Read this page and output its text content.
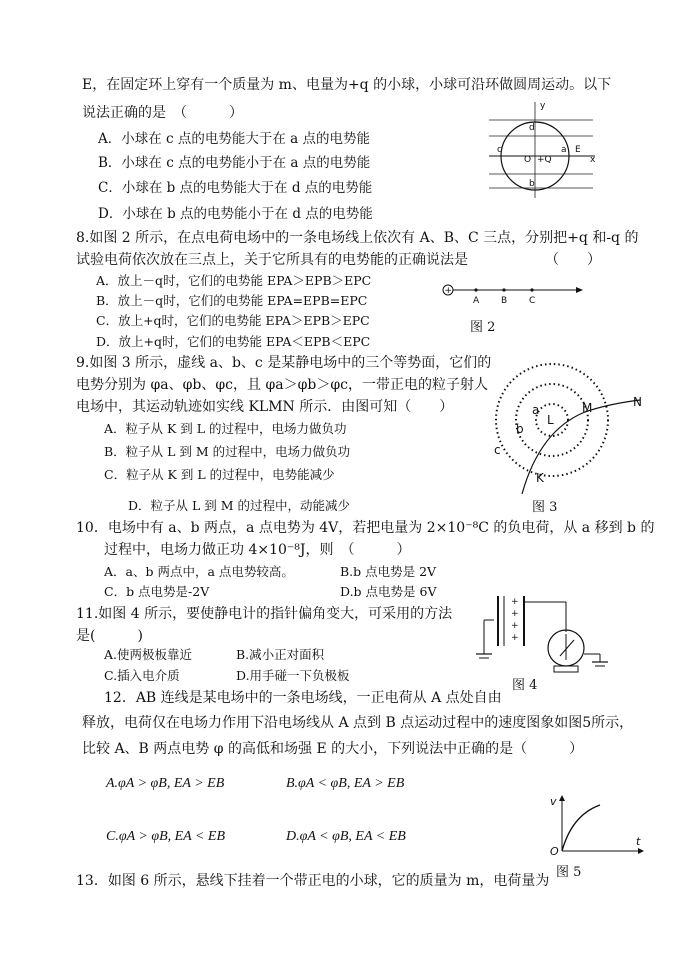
E，在固定环上穿有一个质量为 m、电量为+q 的小球，小球可沿环做圆周运动。以下
说法正确的是　（　　　）
A．小球在 c 点的电势能大于在 a 点的电势能
B．小球在 c 点的电势能小于在 a 点的电势能
C．小球在 b 点的电势能大于在 d 点的电势能
D．小球在 b 点的电势能小于在 d 点的电势能
y
x
d
b
c	a
O +Q
E
8.如图 2 所示，在点电荷电场中的一条电场线上依次有 A、B、C 三点，分别把+q 和-q 的
试验电荷依次放在三点上，关于它所具有的电势能的正确说法是　　　　　　（　　）
A．放上－q时，它们的电势能 EPA＞EPB＞EPC
B．放上－q时，它们的电势能 EPA=EPB=EPC
C．放上+q时，它们的电势能 EPA＞EPB＞EPC
D．放上+q时，它们的电势能 EPA＜EPB＜EPC
+
A B C
图 2
9.如图 3 所示，虚线 a、b、c 是某静电场中的三个等势面，它们的
电势分别为 φa、φb、φc，且 φa＞φb＞φc，一带正电的粒子射人
电场中，其运动轨迹如实线 KLMN 所示．由图可知（　　）
A．粒子从 K 到 L 的过程中，电场力做负功
B．粒子从 L 到 M 的过程中，电场力做负功
C．粒子从 K 到 L 的过程中，电势能减少
D．粒子从 L 到 M 的过程中，动能减少
a
b
c
L
M	N
K
图 3
10．电场中有 a、b 两点，a 点电势为 4V，若把电量为 2×10⁻⁸C 的负电荷，从 a 移到 b 的
过程中，电场力做正功 4×10⁻⁸J，则　（　　　）
A．a、b 两点中，a 点电势较高。	B.b 点电势是 2V
C．b 点电势是-2V	D.b 点电势是 6V
11.如图 4 所示，要使静电计的指针偏角变大，可采用的方法
是(　　　)
A.使两极板靠近	B.减小正对面积
C.插入电介质	D.用手碰一下负极板
+
+
+
+
图 4
12．AB 连线是某电场中的一条电场线，一正电荷从 A 点处自由
释放，电荷仅在电场力作用下沿电场线从 A 点到 B 点运动过程中的速度图象如图5所示，
比较 A、B 两点电势 φ 的高低和场强 E 的大小，下列说法中正确的是（　　　）
A.φA > φB, EA > EB	B.φA < φB, EA > EB
C.φA > φB, EA < EB	D.φA < φB, EA < EB
v
t
O
图 5
13．如图 6 所示，悬线下挂着一个带正电的小球，它的质量为 m，电荷量为
